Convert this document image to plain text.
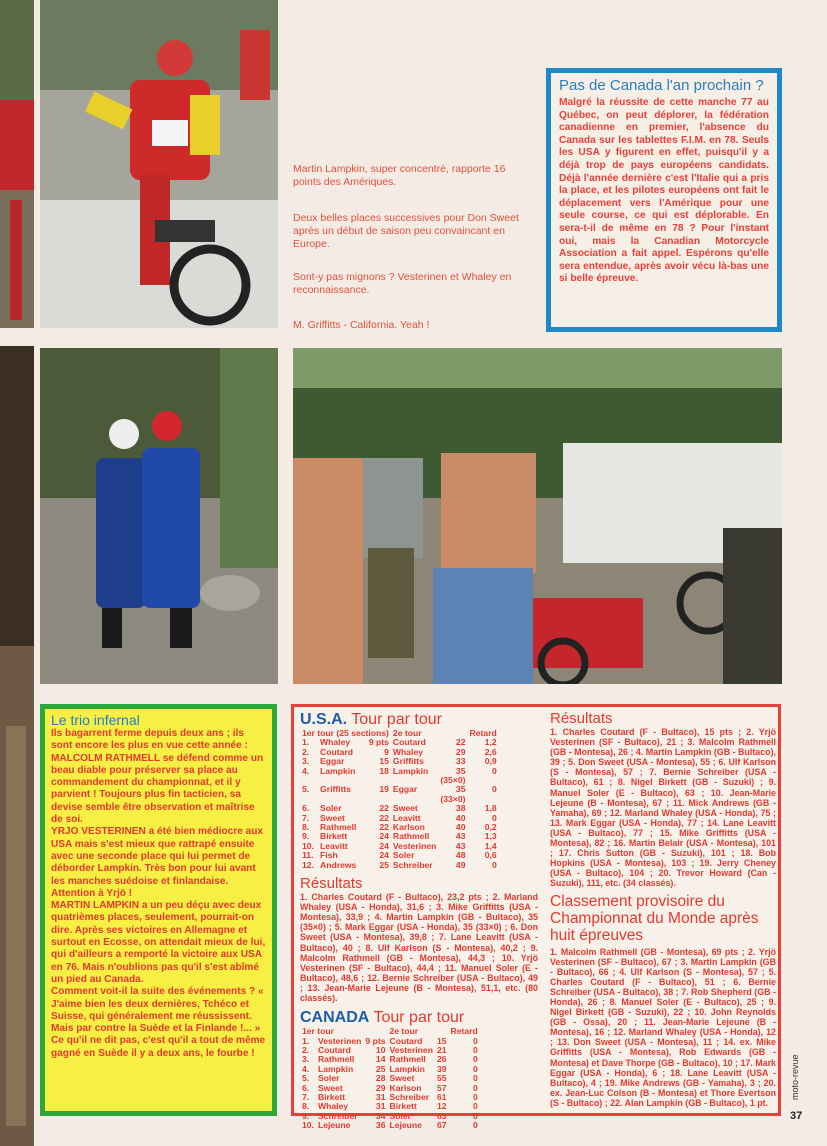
Martin Lampkin, super concentré, rapporte 16 points des Amériques.
Deux belles places successives pour Don Sweet après un début de saison peu convaincant en Europe.
Sont-y pas mignons ? Vesterinen et Whaley en reconnaissance.
M. Griffitts - California. Yeah !
Pas de Canada l'an prochain ?
Malgré la réussite de cette manche 77 au Québec, on peut déplorer, la fédération canadienne en premier, l'absence du Canada sur les tablettes F.I.M. en 78. Seuls les USA y figurent en effet, puisqu'il y a déjà trop de pays européens candidats. Déjà l'année dernière c'est l'Italie qui a pris la place, et les pilotes européens ont fait le déplacement vers l'Amérique pour une seule course, ce qui est déplorable. En sera-t-il de même en 78 ? Pour l'instant oui, mais la Canadian Motorcycle Association a fait appel. Espérons qu'elle sera entendue, après avoir vécu là-bas une si belle épreuve.
Le trio infernal

Ils bagarrent ferme depuis deux ans ; ils sont encore les plus en vue cette année :

MALCOLM RATHMELL se défend comme un beau diable pour préserver sa place au commandement du championnat, et il y parvient ! Toujours plus fin tacticien, sa devise semble être observation et maîtrise de soi.

YRJO VESTERINEN a été bien médiocre aux USA mais s'est mieux que rattrapé ensuite avec une seconde place qui lui permet de déborder Lampkin. Très bon pour lui avant les manches suédoise et finlandaise. Attention à Yrjö !

MARTIN LAMPKIN a un peu déçu avec deux quatrièmes places, seulement, pourrait-on dire. Après ses victoires en Allemagne et surtout en Ecosse, on attendait mieux de lui, qui d'ailleurs a remporté la victoire aux USA en 76. Mais n'oublions pas qu'il s'est abîmé un pied au Canada.

Comment voit-il la suite des événements ? « J'aime bien les deux dernières, Tchéco et Suisse, qui généralement me réussissent. Mais par contre la Suède et la Finlande !... » Ce qu'il ne dit pas, c'est qu'il a tout de même gagné en Suède il y a deux ans, le fourbe !

U.S.A. Tour par tour
1er tour (25 sections)			2e tour		Retard
1.	Whaley	9 pts	Coutard	22	1,2
2.	Coutard	9	Whaley	29	2,6
3.	Eggar	15	Griffitts	33	0,9
4.	Lampkin	18	Lampkin	35	0
				(35×0)	
5.	Griffitts	19	Eggar	35	0
				(33×0)	
6.	Soler	22	Sweet	38	1,8
7.	Sweet	22	Leavitt	40	0
8.	Rathmell	22	Karlson	40	0,2
9.	Birkett	24	Rathmell	43	1,3
10.	Leavitt	24	Vesterinen	43	1,4
11.	Fish	24	Soler	48	0,6
12.	Andrews	25	Schreiber	49	0
Résultats
1. Charles Coutard (F - Bultaco), 23,2 pts ; 2. Marland Whaley (USA - Honda), 31,6 ; 3. Mike Griffitts (USA - Montesa), 33,9 ; 4. Martin Lampkin (GB - Bultaco), 35 (35×0) ; 5. Mark Eggar (USA - Honda), 35 (33×0) ; 6. Don Sweet (USA - Montesa), 39,8 ; 7. Lane Leavitt (USA - Bultaco), 40 ; 8. Ulf Karlson (S - Montesa), 40,2 ; 9. Malcolm Rathmell (GB - Montesa), 44,3 ; 10. Yrjö Vesterinen (SF - Bultaco), 44,4 ; 11. Manuel Soler (E - Bultaco), 48,6 ; 12. Bernie Schreiber (USA - Bultaco), 49 ; 13. Jean-Marie Lejeune (B - Montesa), 51,1, etc. (80 classés).
CANADA Tour par tour
1er tour			2e tour		Retard
1.	Vesterinen	9 pts	Coutard	15	0
2.	Coutard	10	Vesterinen	21	0
3.	Rathmell	14	Rathmell	26	0
4.	Lampkin	25	Lampkin	39	0
5.	Soler	28	Sweet	55	0
6.	Sweet	29	Karlson	57	0
7.	Birkett	31	Schreiber	61	0
8.	Whaley	31	Birkett	12	0
9.	Schreiber	34	Soler	63	0
10.	Lejeune	36	Lejeune	67	0
Résultats
1. Charles Coutard (F - Bultaco), 15 pts ; 2. Yrjö Vesterinen (SF - Bultaco), 21 ; 3. Malcolm Rathmell (GB - Montesa), 26 ; 4. Martin Lampkin (GB - Bultaco), 39 ; 5. Don Sweet (USA - Montesa), 55 ; 6. Ulf Karlson (S - Montesa), 57 ; 7. Bernie Schreiber (USA -Bultaco), 61 ; 8. Nigel Birkett (GB - Suzuki) ; 9. Manuel Soler (E - Bultaco), 63 ; 10. Jean-Marie Lejeune (B - Montesa), 67 ; 11. Mick Andrews (GB - Yamaha), 69 ; 12. Marland Whaley (USA - Honda), 75 ; 13. Mark Eggar (USA - Honda), 77 ; 14. Lane Leavitt (USA - Bultaco), 77 ; 15. Mike Griffitts (USA - Montesa), 82 ; 16. Martin Belair (USA - Montesa), 101 ; 17. Chris Sutton (GB - Suzuki), 101 ; 18. Bob Hopkins (USA - Montesa), 103 ; 19. Jerry Cheney (USA - Bultaco), 104 ; 20. Trevor Howard (Can - Suzuki), 111, etc. (34 classés).
Classement provisoire du Championnat du Monde après huit épreuves
1. Malcolm Rathmell (GB - Montesa), 69 pts ; 2. Yrjö Vesterinen (SF - Bultaco), 67 ; 3. Martin Lampkin (GB - Bultaco), 66 ; 4. Ulf Karlson (S - Montesa), 57 ; 5. Charles Coutard (F - Bultaco), 51 ; 6. Bernie Schreiber (USA - Bultaco), 38 ; 7. Rob Shepherd (GB - Honda), 26 ; 8. Manuel Soler (E - Bultaco), 25 ; 9. Nigel Birkett (GB - Suzuki), 22 ; 10. John Reynolds (GB - Ossa), 20 ; 11. Jean-Marie Lejeune (B - Montesa), 16 ; 12. Marland Whaley (USA - Honda), 12 ; 13. Don Sweet (USA - Montesa), 11 ; 14. ex. Mike Griffitts (USA - Montesa), Rob Edwards (GB - Montesa) et Dave Thorpe (GB - Bultaco), 10 ; 17. Mark Eggar (USA - Honda), 6 ; 18. Lane Leavitt (USA - Bultaco), 4 ; 19. Mike Andrews (GB - Yamaha), 3 ; 20. ex. Jean-Luc Colson (B - Montesa) et Thore Evertson (S - Bultaco) ; 22. Alan Lampkin (GB - Bultaco), 1 pt.
moto-revue
37
